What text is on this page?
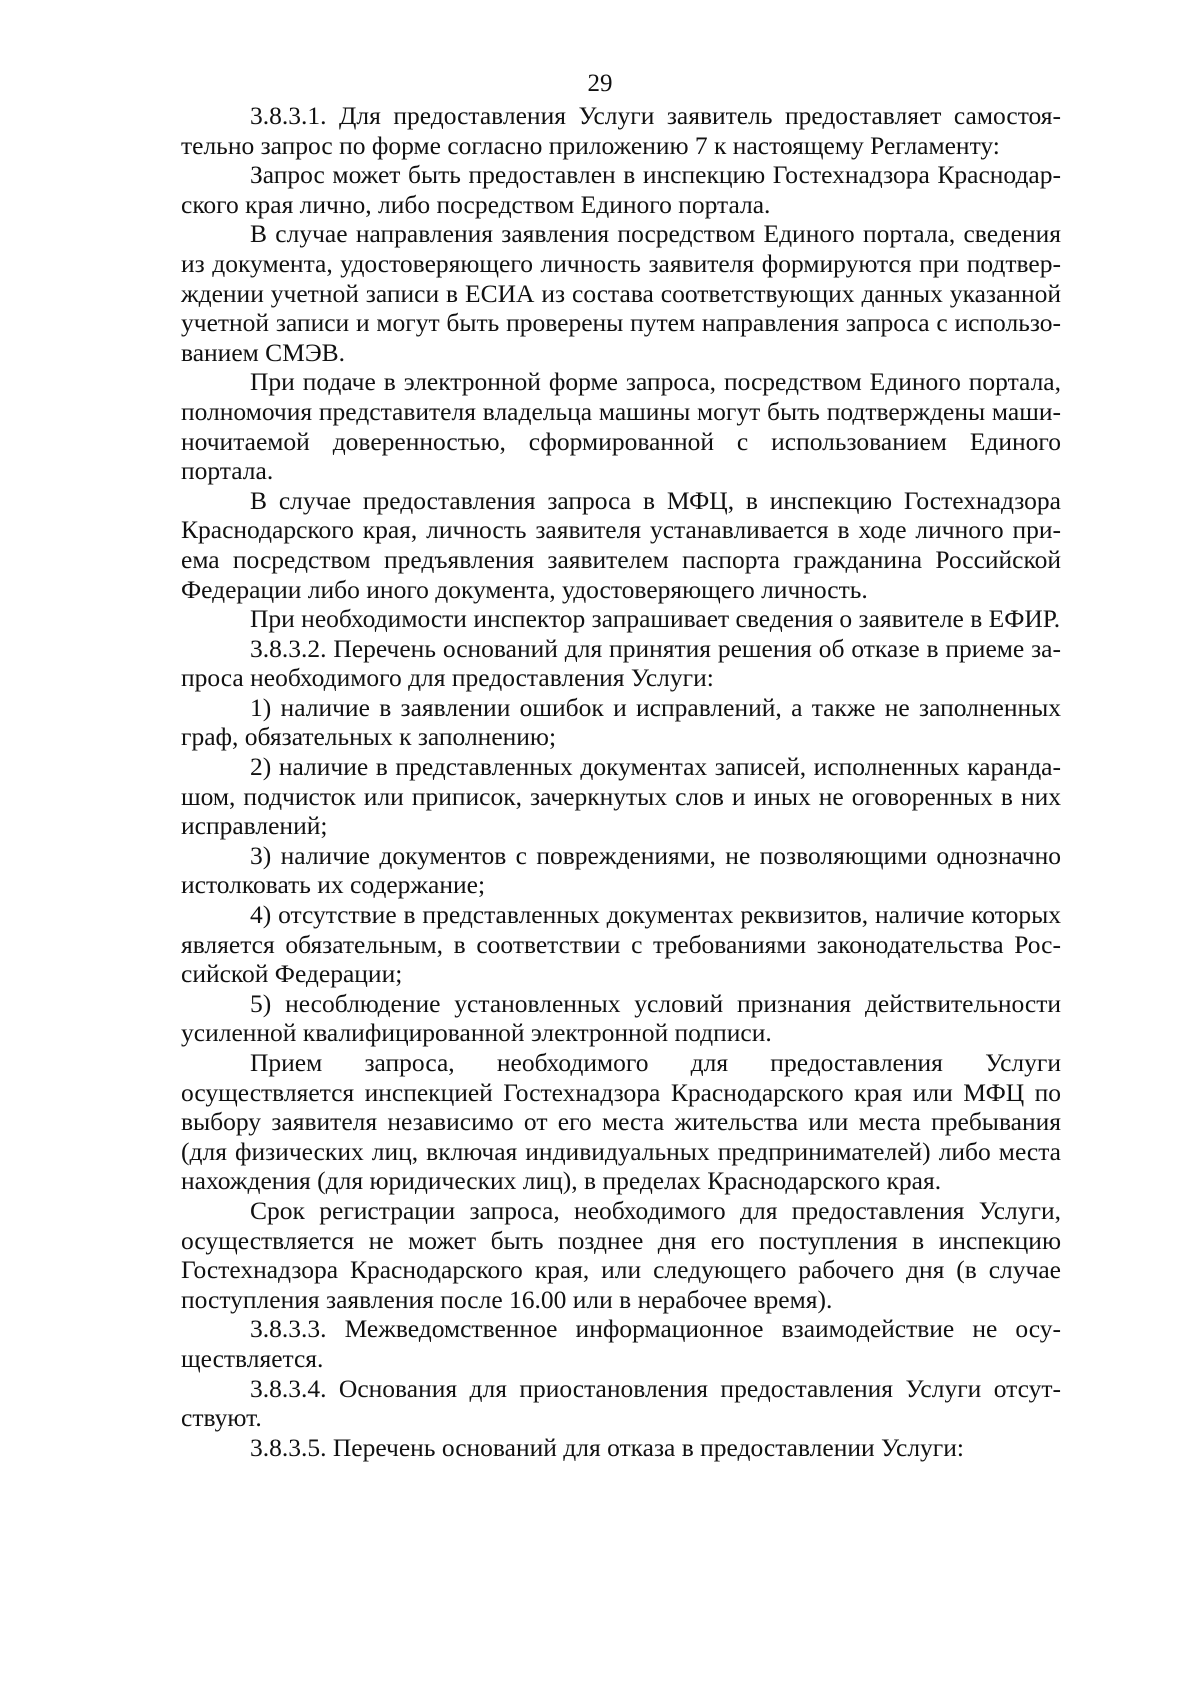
29

3.8.3.1. Для предоставления Услуги заявитель предоставляет самостоятельно запрос по форме согласно приложению 7 к настоящему Регламенту:

Запрос может быть предоставлен в инспекцию Гостехнадзора Краснодарского края лично, либо посредством Единого портала.

В случае направления заявления посредством Единого портала, сведения из документа, удостоверяющего личность заявителя формируются при подтверждении учетной записи в ЕСИА из состава соответствующих данных указанной учетной записи и могут быть проверены путем направления запроса с использованием СМЭВ.

При подаче в электронной форме запроса, посредством Единого портала, полномочия представителя владельца машины могут быть подтверждены машиночитаемой доверенностью, сформированной с использованием Единого портала.

В случае предоставления запроса в МФЦ, в инспекцию Гостехнадзора Краснодарского края, личность заявителя устанавливается в ходе личного приема посредством предъявления заявителем паспорта гражданина Российской Федерации либо иного документа, удостоверяющего личность.

При необходимости инспектор запрашивает сведения о заявителе в ЕФИР.

3.8.3.2. Перечень оснований для принятия решения об отказе в приеме запроса необходимого для предоставления Услуги:

1) наличие в заявлении ошибок и исправлений, а также не заполненных граф, обязательных к заполнению;

2) наличие в представленных документах записей, исполненных карандашом, подчисток или приписок, зачеркнутых слов и иных не оговоренных в них исправлений;

3) наличие документов с повреждениями, не позволяющими однозначно истолковать их содержание;

4) отсутствие в представленных документах реквизитов, наличие которых является обязательным, в соответствии с требованиями законодательства Российской Федерации;

5) несоблюдение установленных условий признания действительности усиленной квалифицированной электронной подписи.

Прием запроса, необходимого для предоставления Услуги осуществляется инспекцией Гостехнадзора Краснодарского края или МФЦ по выбору заявителя независимо от его места жительства или места пребывания (для физических лиц, включая индивидуальных предпринимателей) либо места нахождения (для юридических лиц), в пределах Краснодарского края.

Срок регистрации запроса, необходимого для предоставления Услуги, осуществляется не может быть позднее дня его поступления в инспекцию Гостехнадзора Краснодарского края, или следующего рабочего дня (в случае поступления заявления после 16.00 или в нерабочее время).

3.8.3.3. Межведомственное информационное взаимодействие не осуществляется.

3.8.3.4. Основания для приостановления предоставления Услуги отсутствуют.

3.8.3.5. Перечень оснований для отказа в предоставлении Услуги:
